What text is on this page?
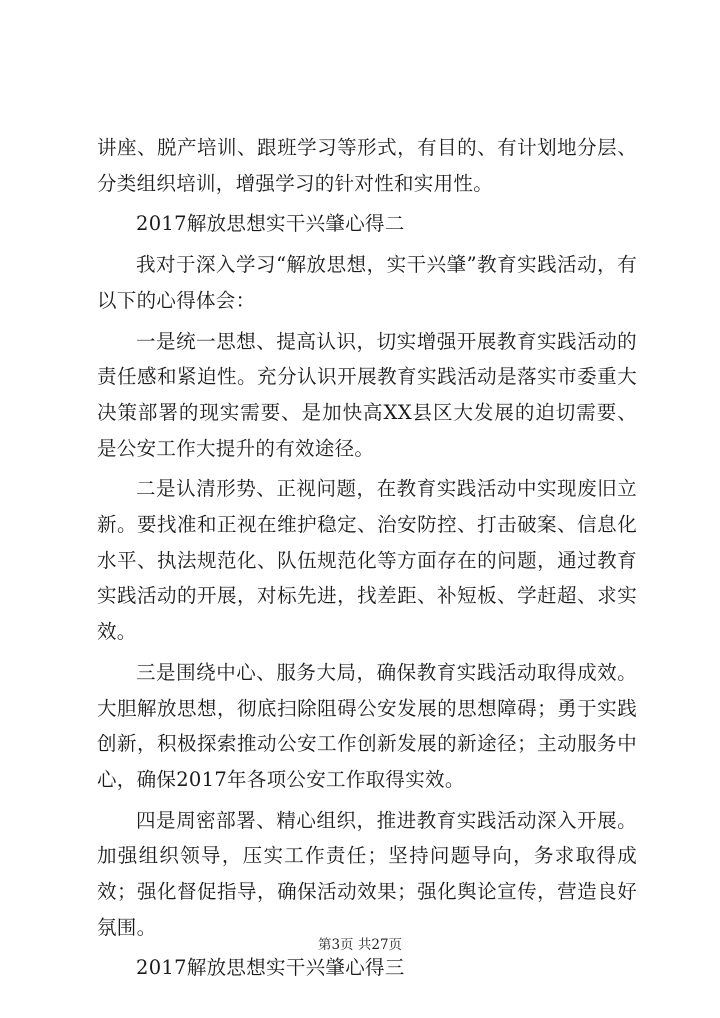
讲座、脱产培训、跟班学习等形式，有目的、有计划地分层、分类组织培训，增强学习的针对性和实用性。

2017解放思想实干兴肇心得二

我对于深入学习“解放思想，实干兴肇”教育实践活动，有以下的心得体会：

一是统一思想、提高认识，切实增强开展教育实践活动的责任感和紧迫性。充分认识开展教育实践活动是落实市委重大决策部署的现实需要、是加快高XX县区大发展的迫切需要、是公安工作大提升的有效途径。

二是认清形势、正视问题，在教育实践活动中实现废旧立新。要找准和正视在维护稳定、治安防控、打击破案、信息化水平、执法规范化、队伍规范化等方面存在的问题，通过教育实践活动的开展，对标先进，找差距、补短板、学赶超、求实效。

三是围绕中心、服务大局，确保教育实践活动取得成效。大胆解放思想，彻底扫除阻碍公安发展的思想障碍；勇于实践创新，积极探索推动公安工作创新发展的新途径；主动服务中心，确保2017年各项公安工作取得实效。

四是周密部署、精心组织，推进教育实践活动深入开展。加强组织领导，压实工作责任；坚持问题导向，务求取得成效；强化督促指导，确保活动效果；强化舆论宣传，营造良好氛围。

2017解放思想实干兴肇心得三

第3页 共27页
